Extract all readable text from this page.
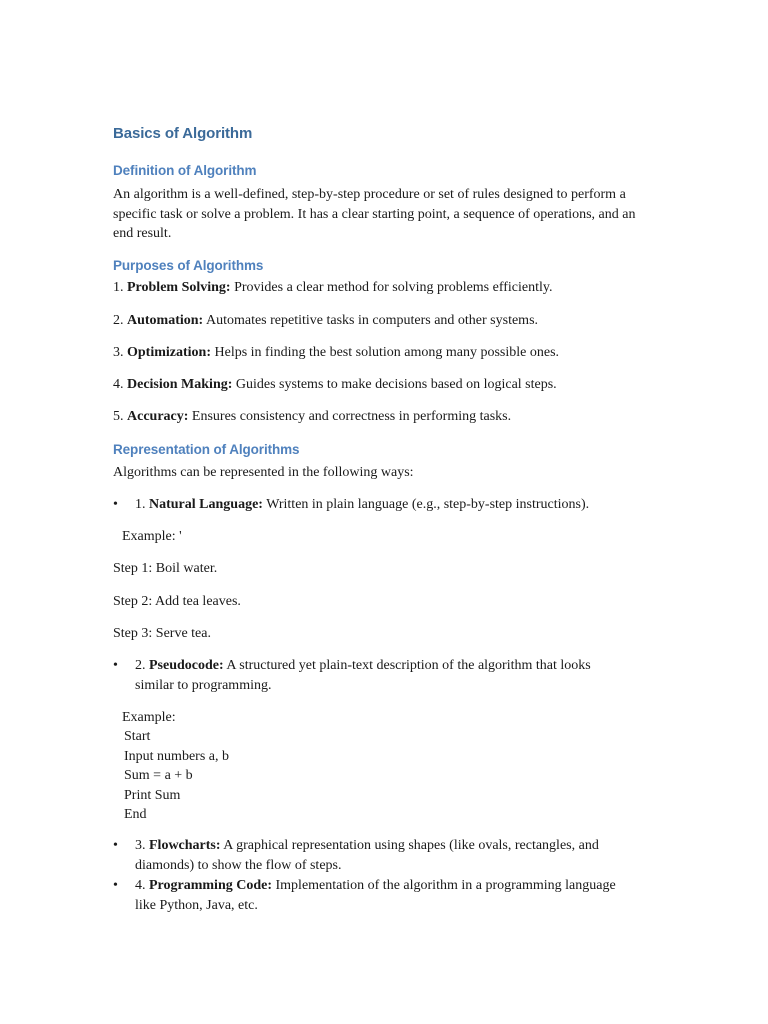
Basics of Algorithm
Definition of Algorithm
An algorithm is a well-defined, step-by-step procedure or set of rules designed to perform a specific task or solve a problem. It has a clear starting point, a sequence of operations, and an end result.
Purposes of Algorithms
1. Problem Solving: Provides a clear method for solving problems efficiently.
2. Automation: Automates repetitive tasks in computers and other systems.
3. Optimization: Helps in finding the best solution among many possible ones.
4. Decision Making: Guides systems to make decisions based on logical steps.
5. Accuracy: Ensures consistency and correctness in performing tasks.
Representation of Algorithms
Algorithms can be represented in the following ways:
• 1. Natural Language: Written in plain language (e.g., step-by-step instructions).
Example: '
Step 1: Boil water.
Step 2: Add tea leaves.
Step 3: Serve tea.
• 2. Pseudocode: A structured yet plain-text description of the algorithm that looks
similar to programming.
Example:
Start
Input numbers a, b
Sum = a + b
Print Sum
End
• 3. Flowcharts: A graphical representation using shapes (like ovals, rectangles, and
diamonds) to show the flow of steps.
• 4. Programming Code: Implementation of the algorithm in a programming language
like Python, Java, etc.
